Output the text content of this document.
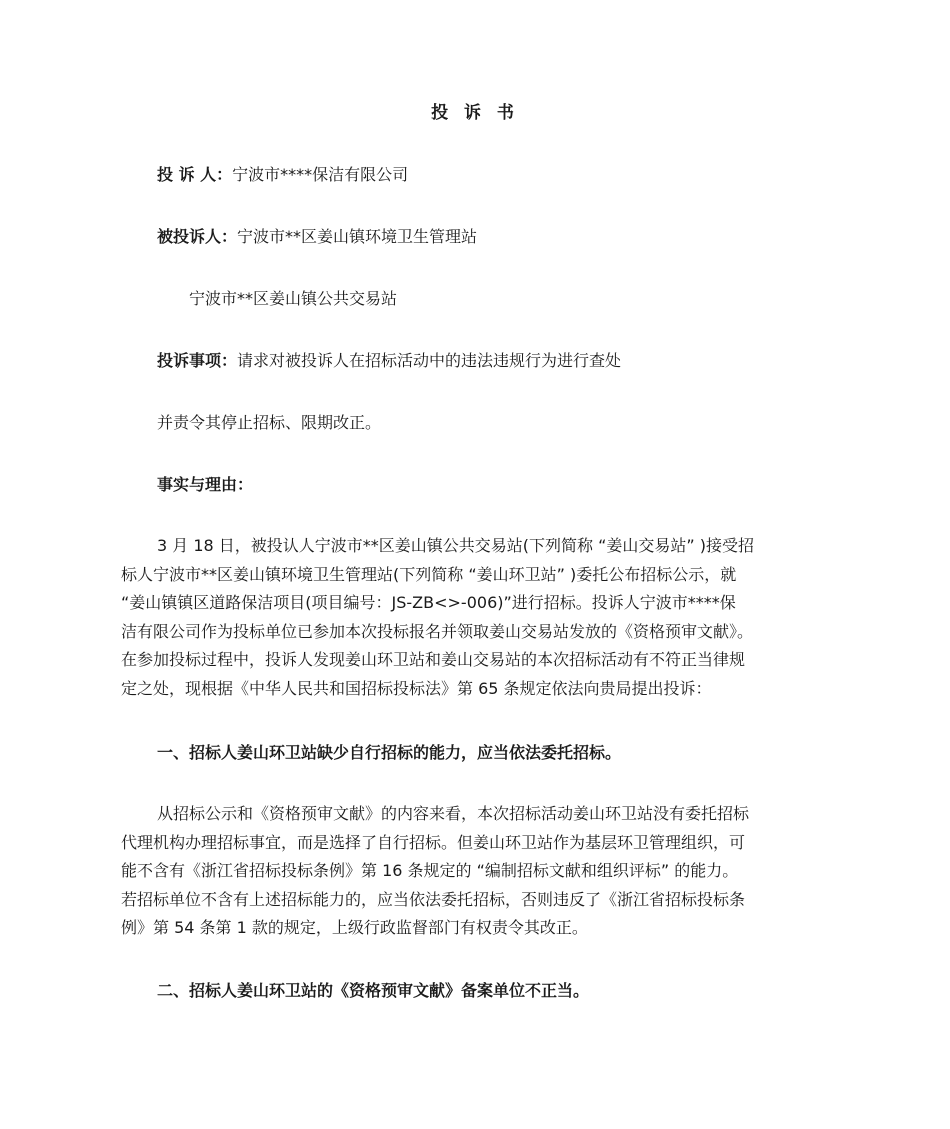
投 诉 书
投 诉 人：宁波市****保洁有限公司
被投诉人：宁波市**区姜山镇环境卫生管理站
宁波市**区姜山镇公共交易站
投诉事项：请求对被投诉人在招标活动中的违法违规行为进行查处
并责令其停止招标、限期改正。
事实与理由：
3 月 18 日，被投认人宁波市**区姜山镇公共交易站(下列简称 “姜山交易站” )接受招
标人宁波市**区姜山镇环境卫生管理站(下列简称 “姜山环卫站” )委托公布招标公示，就
“姜山镇镇区道路保洁项目(项目编号：JS-ZB<>-006)”进行招标。投诉人宁波市****保
洁有限公司作为投标单位已参加本次投标报名并领取姜山交易站发放的《资格预审文献》。
在参加投标过程中，投诉人发现姜山环卫站和姜山交易站的本次招标活动有不符正当律规
定之处，现根据《中华人民共和国招标投标法》第 65 条规定依法向贵局提出投诉：
一、招标人姜山环卫站缺少自行招标的能力，应当依法委托招标。
从招标公示和《资格预审文献》的内容来看，本次招标活动姜山环卫站没有委托招标
代理机构办理招标事宜，而是选择了自行招标。但姜山环卫站作为基层环卫管理组织，可
能不含有《浙江省招标投标条例》第 16 条规定的 “编制招标文献和组织评标” 的能力。
若招标单位不含有上述招标能力的，应当依法委托招标，否则违反了《浙江省招标投标条
例》第 54 条第 1 款的规定，上级行政监督部门有权责令其改正。
二、招标人姜山环卫站的《资格预审文献》备案单位不正当。
